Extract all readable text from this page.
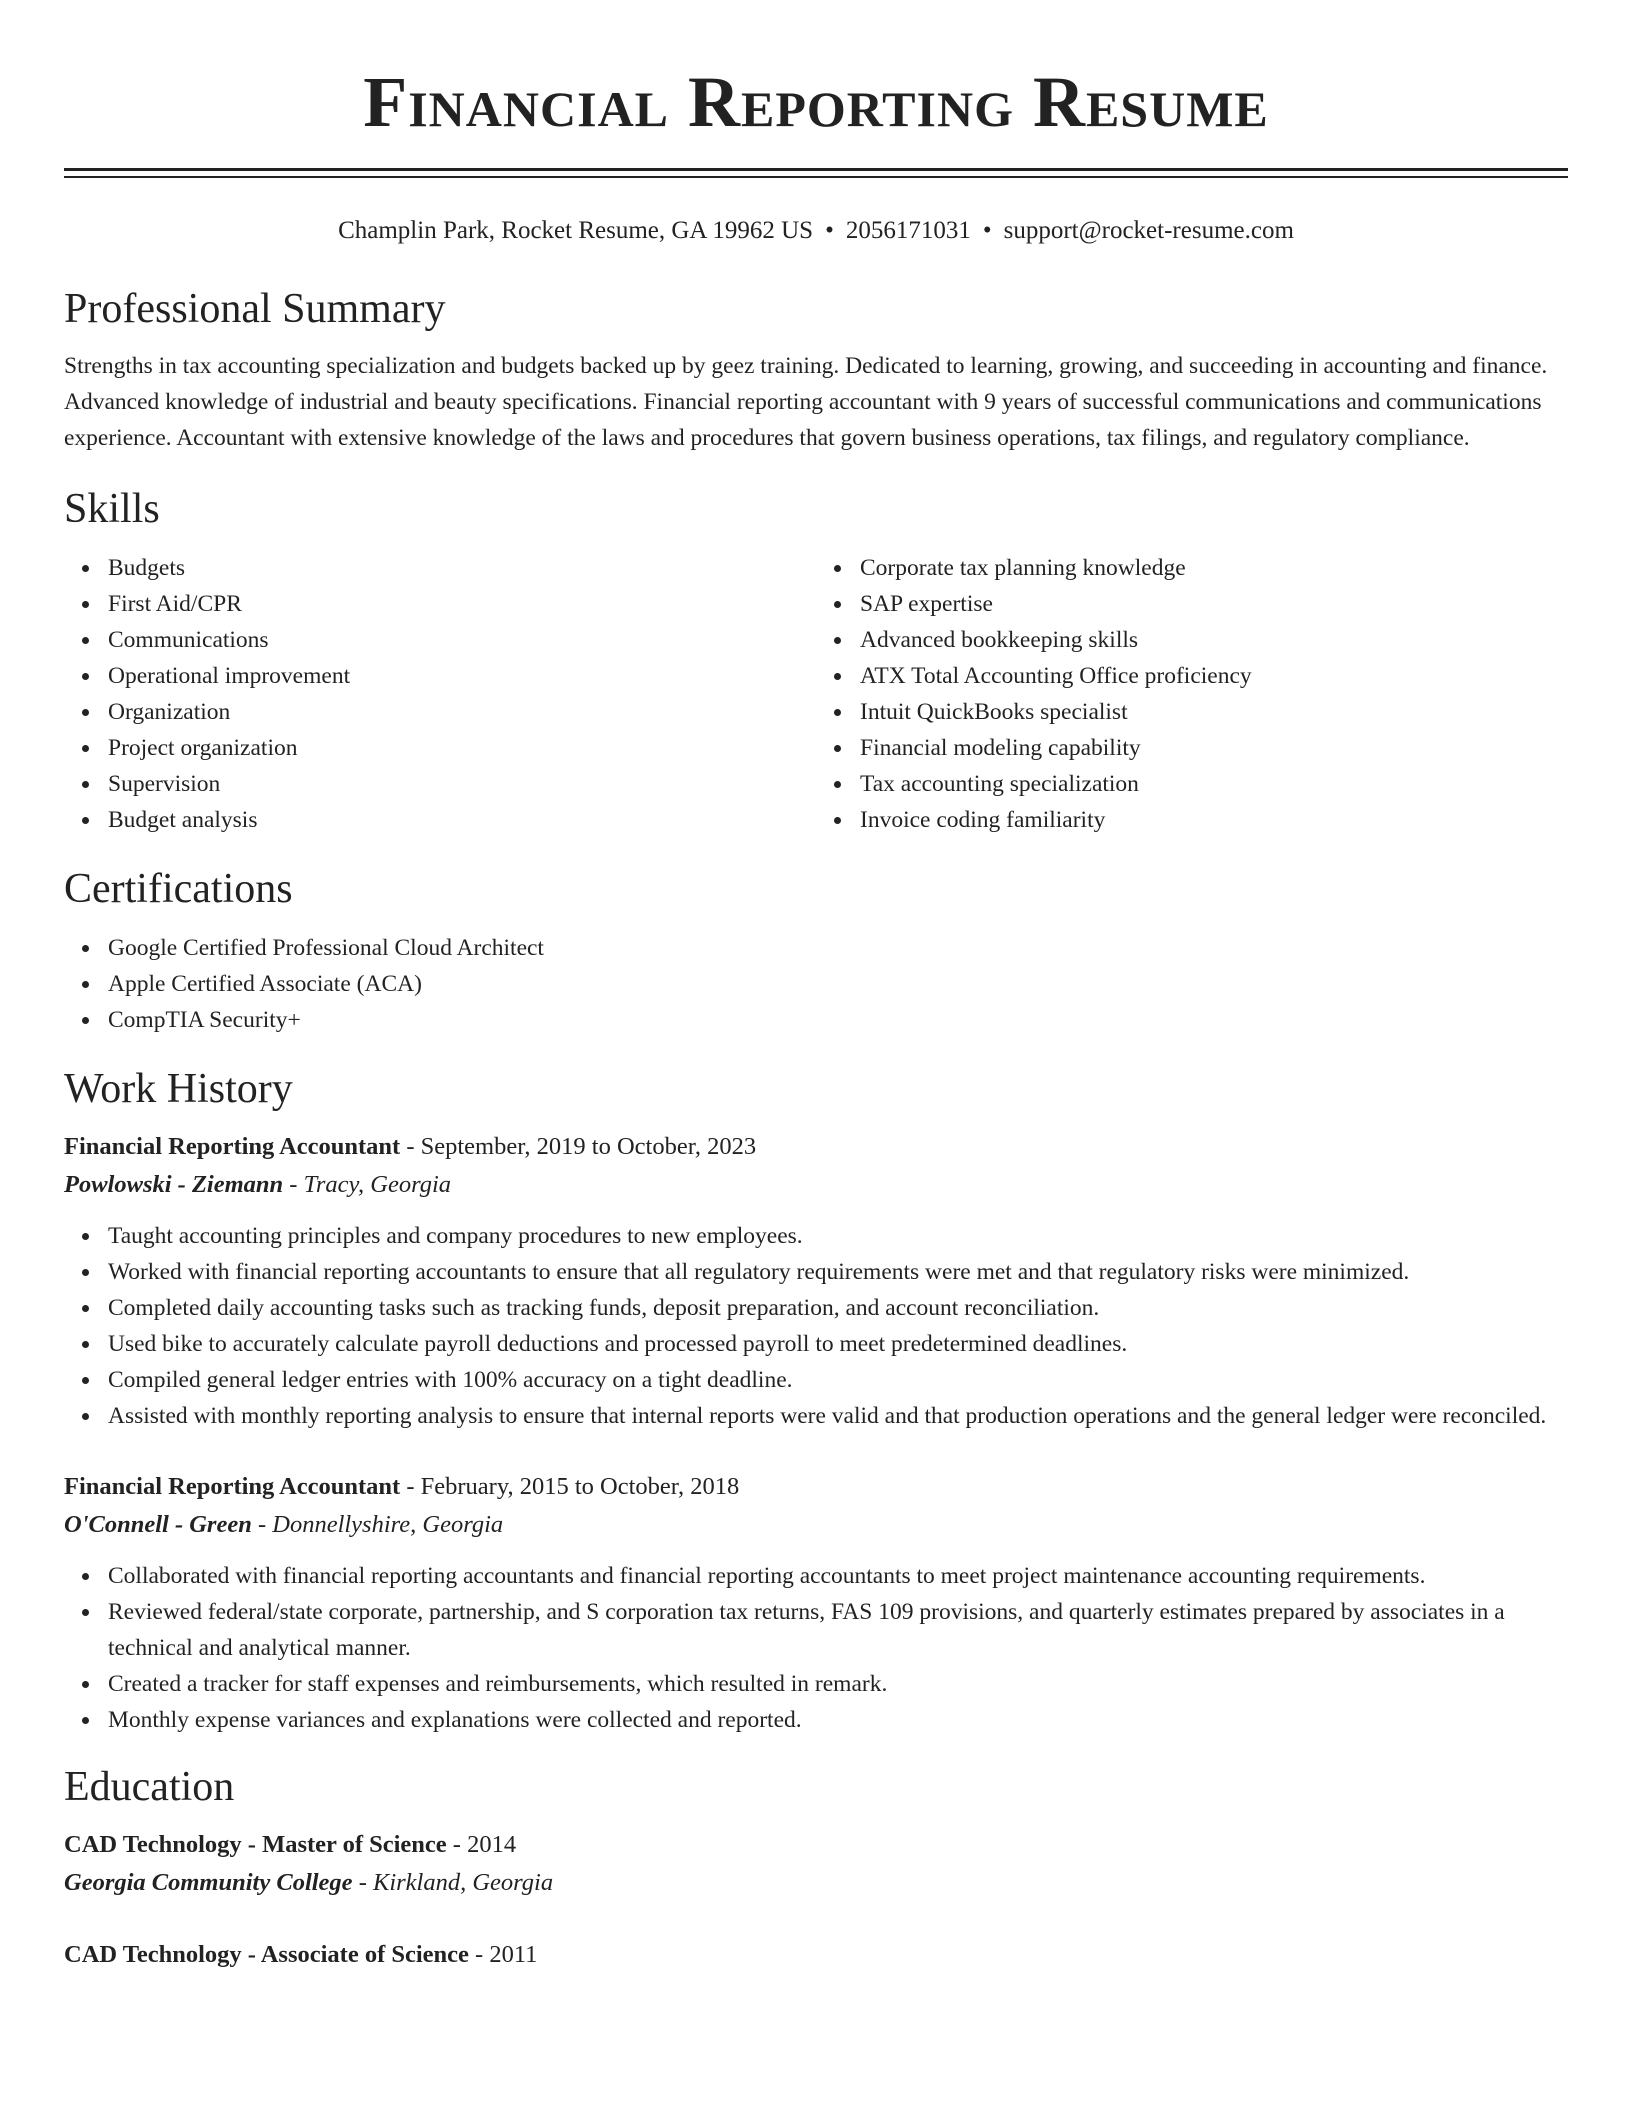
Financial Reporting Resume
Champlin Park, Rocket Resume, GA 19962 US • 2056171031 • support@rocket-resume.com
Professional Summary

Strengths in tax accounting specialization and budgets backed up by geez training. Dedicated to learning, growing, and succeeding in accounting and finance. Advanced knowledge of industrial and beauty specifications. Financial reporting accountant with 9 years of successful communications and communications experience. Accountant with extensive knowledge of the laws and procedures that govern business operations, tax filings, and regulatory compliance.

Skills
Budgets
First Aid/CPR
Communications
Operational improvement
Organization
Project organization
Supervision
Budget analysis
Corporate tax planning knowledge
SAP expertise
Advanced bookkeeping skills
ATX Total Accounting Office proficiency
Intuit QuickBooks specialist
Financial modeling capability
Tax accounting specialization
Invoice coding familiarity
Certifications
Google Certified Professional Cloud Architect
Apple Certified Associate (ACA)
CompTIA Security+
Work History
Financial Reporting Accountant - September, 2019 to October, 2023
Powlowski - Ziemann - Tracy, Georgia
Taught accounting principles and company procedures to new employees.
Worked with financial reporting accountants to ensure that all regulatory requirements were met and that regulatory risks were minimized.
Completed daily accounting tasks such as tracking funds, deposit preparation, and account reconciliation.
Used bike to accurately calculate payroll deductions and processed payroll to meet predetermined deadlines.
Compiled general ledger entries with 100% accuracy on a tight deadline.
Assisted with monthly reporting analysis to ensure that internal reports were valid and that production operations and the general ledger were reconciled.
Financial Reporting Accountant - February, 2015 to October, 2018
O'Connell - Green - Donnellyshire, Georgia
Collaborated with financial reporting accountants and financial reporting accountants to meet project maintenance accounting requirements.
Reviewed federal/state corporate, partnership, and S corporation tax returns, FAS 109 provisions, and quarterly estimates prepared by associates in a technical and analytical manner.
Created a tracker for staff expenses and reimbursements, which resulted in remark.
Monthly expense variances and explanations were collected and reported.
Education
CAD Technology - Master of Science - 2014
Georgia Community College - Kirkland, Georgia
CAD Technology - Associate of Science - 2011
